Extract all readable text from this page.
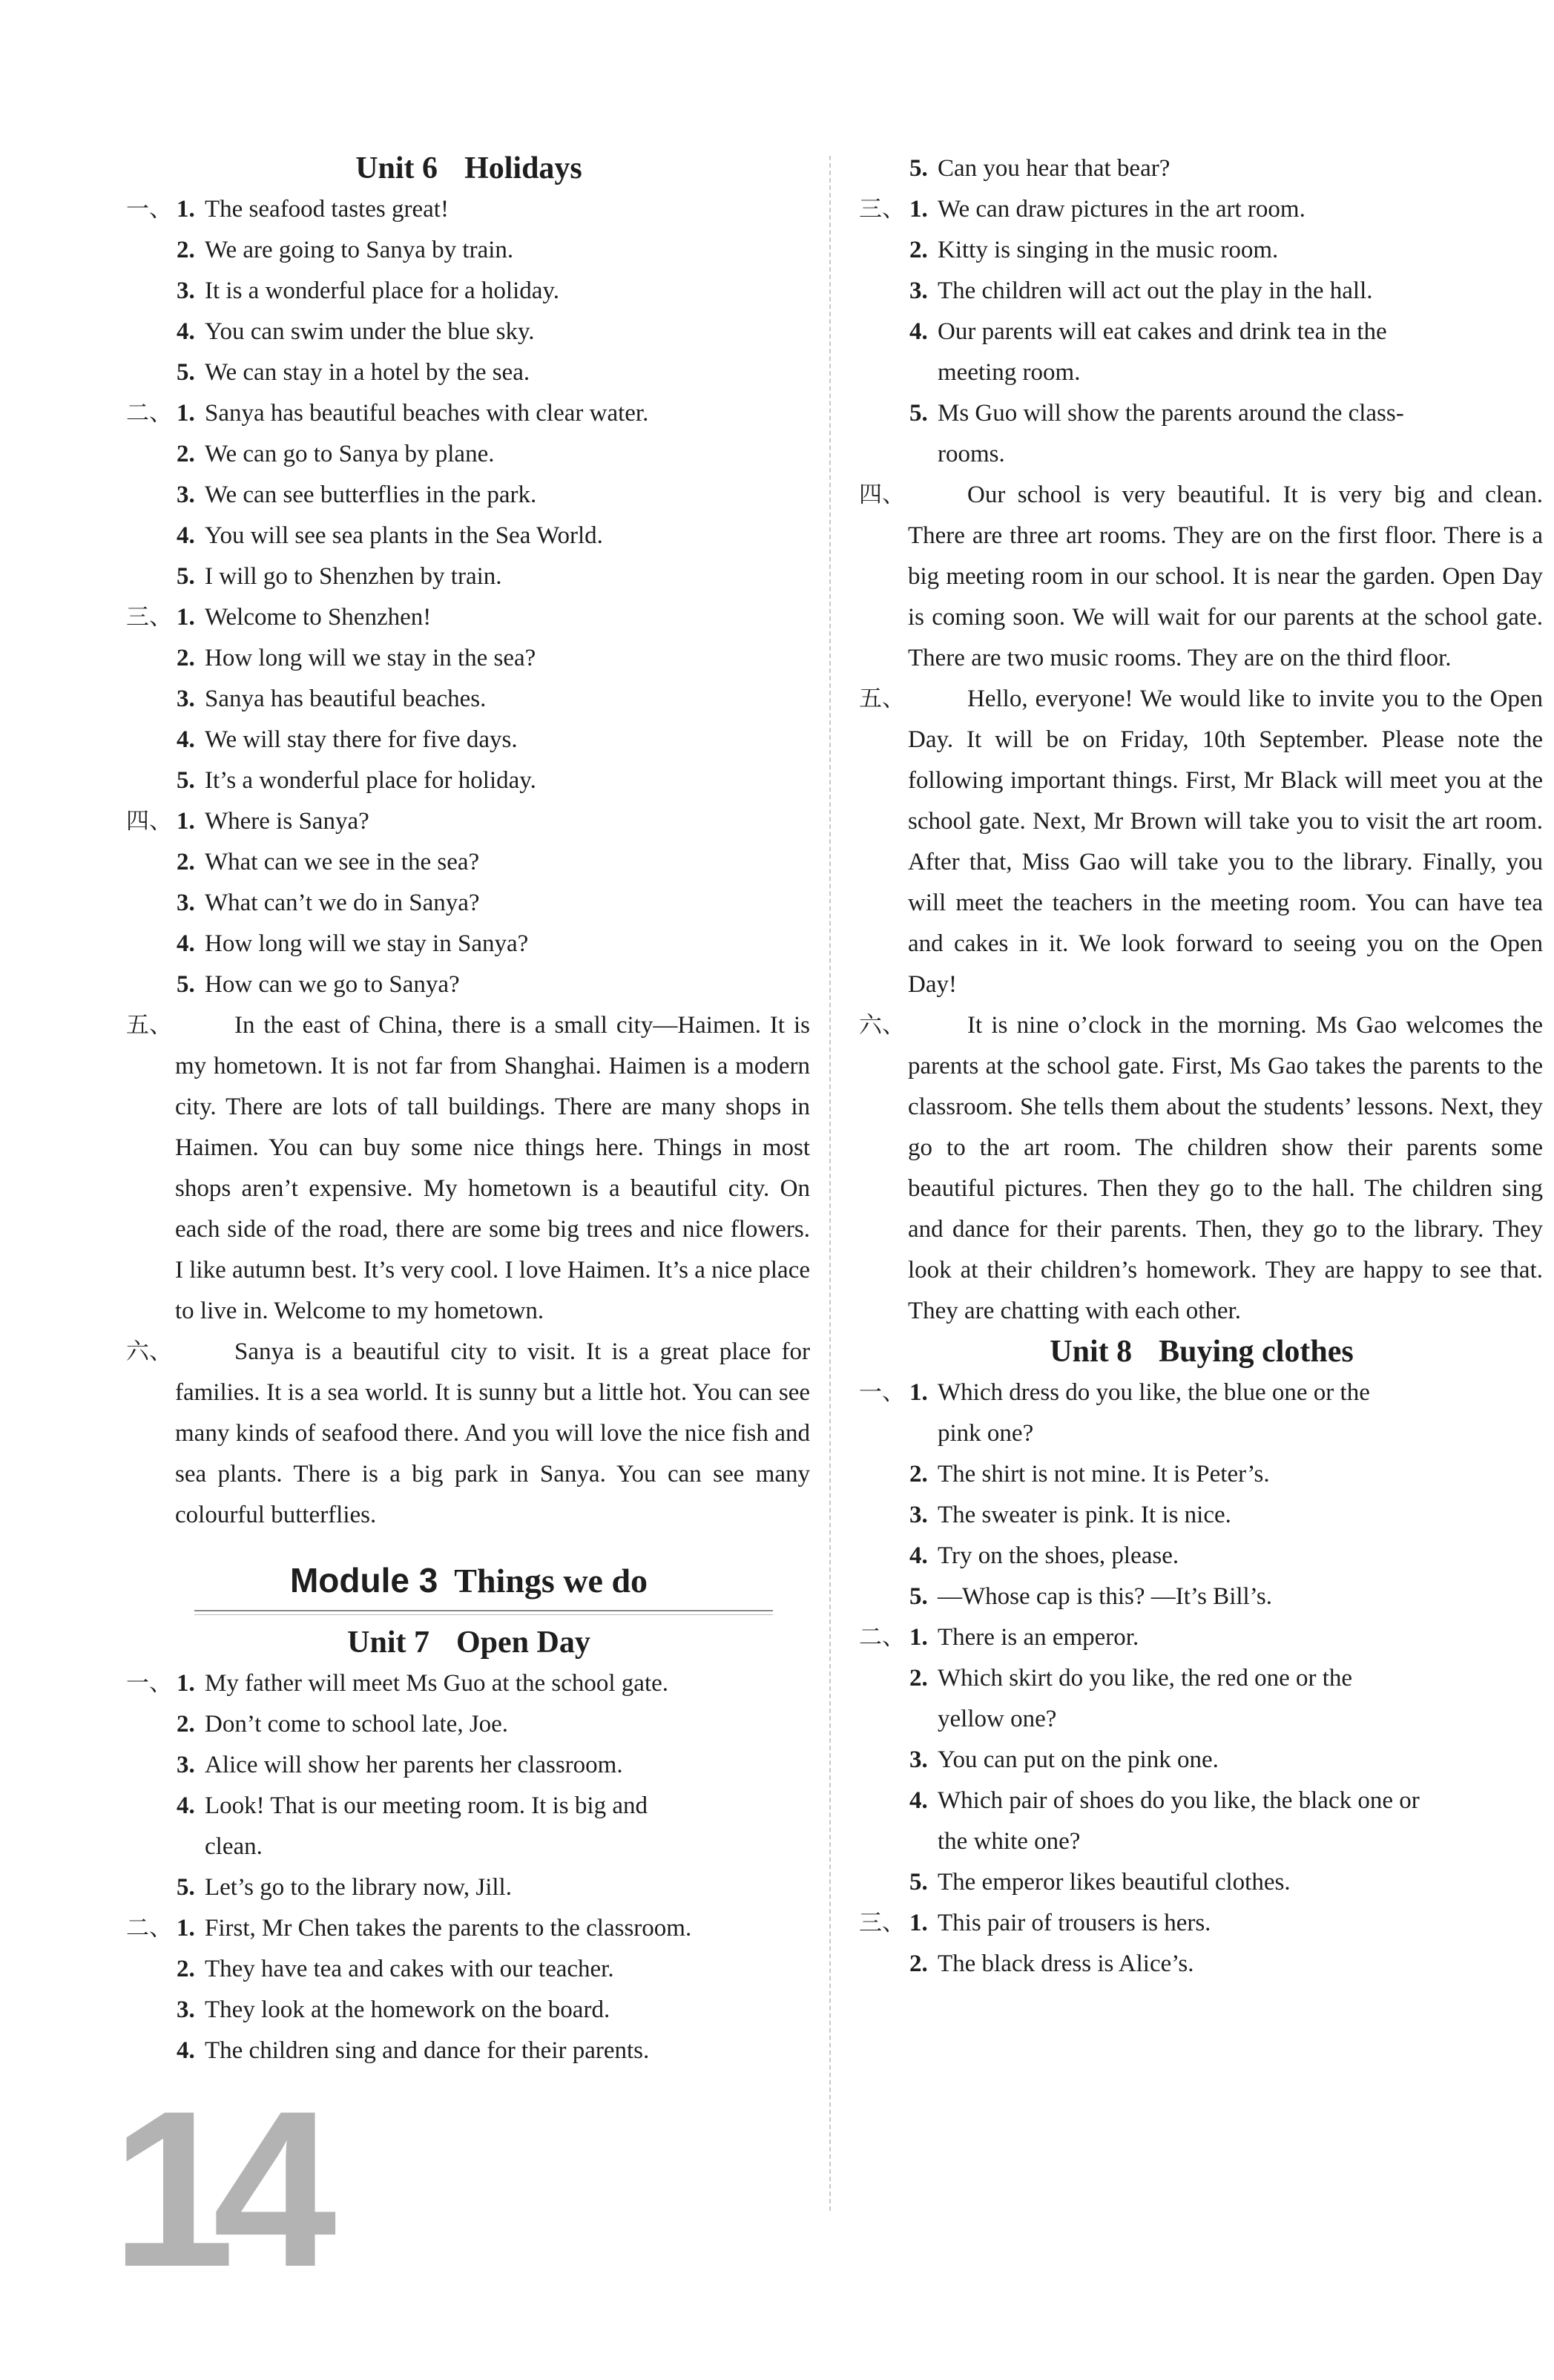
Unit 6 Holidays
一、 1. The seafood tastes great!
2. We are going to Sanya by train.
3. It is a wonderful place for a holiday.
4. You can swim under the blue sky.
5. We can stay in a hotel by the sea.
二、 1. Sanya has beautiful beaches with clear water.
2. We can go to Sanya by plane.
3. We can see butterflies in the park.
4. You will see sea plants in the Sea World.
5. I will go to Shenzhen by train.
三、 1. Welcome to Shenzhen!
2. How long will we stay in the sea?
3. Sanya has beautiful beaches.
4. We will stay there for five days.
5. It’s a wonderful place for holiday.
四、 1. Where is Sanya?
2. What can we see in the sea?
3. What can’t we do in Sanya?
4. How long will we stay in Sanya?
5. How can we go to Sanya?
五、	In the east of China, there is a small city—Haimen. It is my hometown. It is not far from Shanghai. Haimen is a modern city. There are lots of tall buildings. There are many shops in Haimen. You can buy some nice things here. Things in most shops aren’t expensive. My hometown is a beautiful city. On each side of the road, there are some big trees and nice flowers. I like autumn best. It’s very cool. I love Haimen. It’s a nice place to live in. Welcome to my hometown.
六、	Sanya is a beautiful city to visit. It is a great place for families. It is a sea world. It is sunny but a little hot. You can see many kinds of seafood there. And you will love the nice fish and sea plants. There is a big park in Sanya. You can see many colourful butterflies.
Module 3 Things we do
Unit 7 Open Day
一、 1. My father will meet Ms Guo at the school gate.
2. Don’t come to school late, Joe.
3. Alice will show her parents her classroom.
4. Look! That is our meeting room. It is big and
clean.
5. Let’s go to the library now, Jill.
二、 1. First, Mr Chen takes the parents to the classroom.
2. They have tea and cakes with our teacher.
3. They look at the homework on the board.
4. The children sing and dance for their parents.
5. Can you hear that bear?
三、 1. We can draw pictures in the art room.
2. Kitty is singing in the music room.
3. The children will act out the play in the hall.
4. Our parents will eat cakes and drink tea in the
meeting room.
5. Ms Guo will show the parents around the class-
rooms.
四、	Our school is very beautiful. It is very big and clean. There are three art rooms. They are on the first floor. There is a big meeting room in our school. It is near the garden. Open Day is coming soon. We will wait for our parents at the school gate. There are two music rooms. They are on the third floor.
五、	Hello, everyone! We would like to invite you to the Open Day. It will be on Friday, 10th September. Please note the following important things. First, Mr Black will meet you at the school gate. Next, Mr Brown will take you to visit the art room. After that, Miss Gao will take you to the library. Finally, you will meet the teachers in the meeting room. You can have tea and cakes in it. We look forward to seeing you on the Open Day!
六、	It is nine o’clock in the morning. Ms Gao welcomes the parents at the school gate. First, Ms Gao takes the parents to the classroom. She tells them about the students’ lessons. Next, they go to the art room. The children show their parents some beautiful pictures. Then they go to the hall. The children sing and dance for their parents. Then, they go to the library. They look at their children’s homework. They are happy to see that. They are chatting with each other.
Unit 8 Buying clothes
一、 1. Which dress do you like, the blue one or the
pink one?
2. The shirt is not mine. It is Peter’s.
3. The sweater is pink. It is nice.
4. Try on the shoes, please.
5. —Whose cap is this? —It’s Bill’s.
二、 1. There is an emperor.
2. Which skirt do you like, the red one or the
yellow one?
3. You can put on the pink one.
4. Which pair of shoes do you like, the black one or
the white one?
5. The emperor likes beautiful clothes.
三、 1. This pair of trousers is hers.
2. The black dress is Alice’s.
14
